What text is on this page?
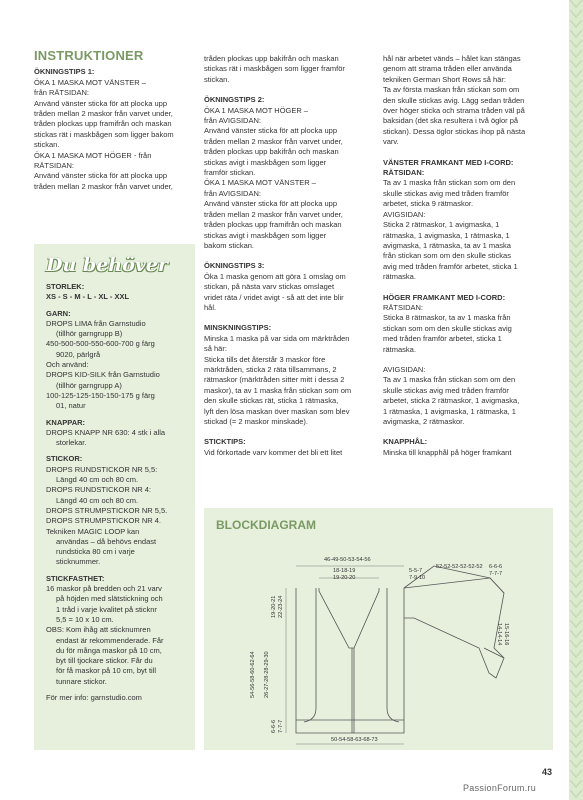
INSTRUKTIONER

ÖKNINGSTIPS 1:

ÖKA 1 MASKA MOT VÄNSTER –

från RÄTSIDAN:

Använd vänster sticka för att plocka upp

tråden mellan 2 maskor från varvet under,

tråden plockas upp framifrån och maskan

stickas rät i maskbågen som ligger bakom

stickan.

ÖKA 1 MASKA MOT HÖGER - från

RÄTSIDAN:

Använd vänster sticka för att plocka upp

tråden mellan 2 maskor från varvet under,

Du behöver

STORLEK:

XS - S - M - L - XL - XXL

GARN:

DROPS LIMA från Garnstudio

(tillhör garngrupp B)

450-500-500-550-600-700 g färg

9020, pärlgrå

Och använd:

DROPS KID-SILK från Garnstudio

(tillhör garngrupp A)

100-125-125-150-150-175 g färg

01, natur

KNAPPAR:

DROPS KNAPP NR 630: 4 stk i alla

storlekar.

STICKOR:

DROPS RUNDSTICKOR NR 5,5:

Längd 40 cm och 80 cm.

DROPS RUNDSTICKOR NR 4:

Längd 40 cm och 80 cm.

DROPS STRUMPSTICKOR NR 5,5.

DROPS STRUMPSTICKOR NR 4.

Tekniken MAGIC LOOP kan

användas – då behövs endast

rundsticka 80 cm i varje

sticknummer.

STICKFASTHET:

16 maskor på bredden och 21 varv

på höjden med slätstickning och

1 tråd i varje kvalitet på sticknr

5,5 = 10 x 10 cm.

OBS: Kom ihåg att sticknumren

endast är rekommenderade. Får

du för många maskor på 10 cm,

byt till tjockare stickor. Får du

för få maskor på 10 cm, byt till

tunnare stickor.

För mer info: garnstudio.com

tråden plockas upp bakifrån och maskan

stickas rät i maskbågen som ligger framför

stickan.

ÖKNINGSTIPS 2:

ÖKA 1 MASKA MOT HÖGER –

från AVIGSIDAN:

Använd vänster sticka för att plocka upp

tråden mellan 2 maskor från varvet under,

tråden plockas upp bakifrån och maskan

stickas avigt i maskbågen som ligger

framför stickan.

ÖKA 1 MASKA MOT VÄNSTER –

från AVIGSIDAN:

Använd vänster sticka för att plocka upp

tråden mellan 2 maskor från varvet under,

tråden plockas upp framifrån och maskan

stickas avigt i maskbågen som ligger

bakom stickan.

ÖKNINGSTIPS 3:

Öka 1 maska genom att göra 1 omslag om

stickan, på nästa varv stickas omslaget

vridet räta / vridet avigt - så att det inte blir

hål.

MINSKNINGSTIPS:

Minska 1 maska på var sida om märktråden

så här:

Sticka tills det återstår 3 maskor före

märktråden, sticka 2 räta tillsammans, 2

rätmaskor (märktråden sitter mitt i dessa 2

maskor), ta av 1 maska från stickan som om

den skulle stickas rät, sticka 1 rätmaska,

lyft den lösa maskan över maskan som blev

stickad (= 2 maskor minskade).

STICKTIPS:

Vid förkortade varv kommer det bli ett litet

hål när arbetet vänds – hålet kan stängas

genom att strama tråden eller använda

tekniken German Short Rows så här:

Ta av första maskan från stickan som om

den skulle stickas avig. Lägg sedan tråden

över höger sticka och strama tråden väl på

baksidan (det ska resultera i två öglor på

stickan). Dessa öglor stickas ihop på nästa

varv.

VÄNSTER FRAMKANT MED I-CORD:

RÄTSIDAN:

Ta av 1 maska från stickan som om den

skulle stickas avig med tråden framför

arbetet, sticka 9 rätmaskor.

AVIGSIDAN:

Sticka 2 rätmaskor, 1 avigmaska, 1

rätmaska, 1 avigmaska, 1 rätmaska, 1

avigmaska, 1 rätmaska, ta av 1 maska

från stickan som om den skulle stickas

avig med tråden framför arbetet, sticka 1

rätmaska.

HÖGER FRAMKANT MED I-CORD:

RÄTSIDAN:

Sticka 8 rätmaskor, ta av 1 maska från

stickan som om den skulle stickas avig

med tråden framför arbetet, sticka 1

rätmaska.

AVIGSIDAN:

Ta av 1 maska från stickan som om den

skulle stickas avig med tråden framför

arbetet, sticka 2 rätmaskor, 1 avigmaska,

1 rätmaska, 1 avigmaska, 1 rätmaska, 1

avigmaska, 2 rätmaskor.

KNAPPHÅL:

Minska till knapphål på höger framkant

BLOCKDIAGRAM
46-49-50-53-54-56
18-18-19
19-20-20
5-5-7
7-9-10
52-52-52-52-52-52 6-6-6
7-7-7
14-14-14 15-16-16
19-20-21 22-23-24
54-56-58-60-62-64 26-27-28-28-29-30
6-6-6 7-7-7
50-54-58-63-68-73
43
PassionForum.ru
